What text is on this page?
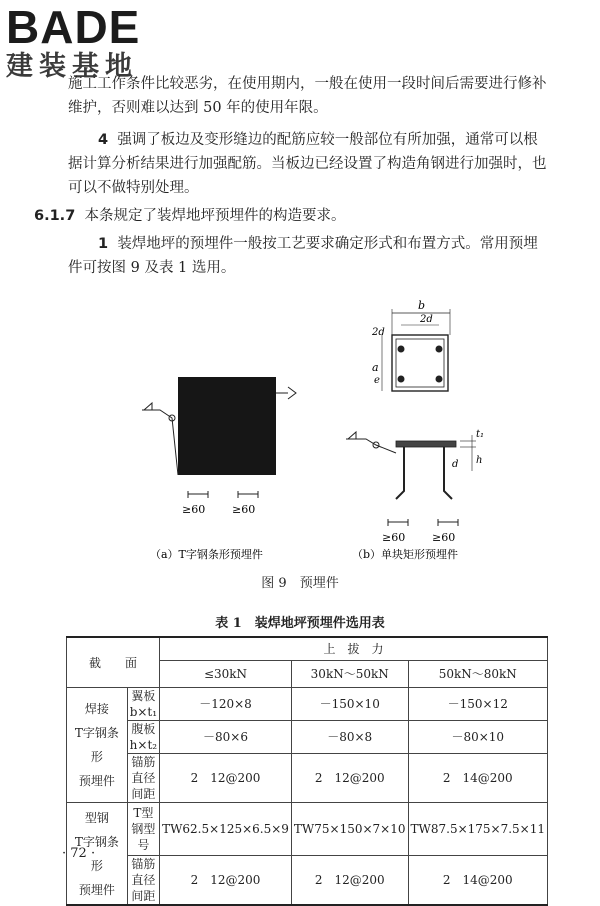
BADE
建装基地

施工工作条件比较恶劣，在使用期内，一般在使用一段时间后需要进行修补维护，否则难以达到 50 年的使用年限。

4 强调了板边及变形缝边的配筋应较一般部位有所加强，通常可以根据计算分析结果进行加强配筋。当板边已经设置了构造角钢进行加强时，也可以不做特别处理。

6.1.7 本条规定了装焊地坪预埋件的构造要求。

1 装焊地坪的预埋件一般按工艺要求确定形式和布置方式。常用预埋件可按图 9 及表 1 选用。

≥60 ≥60
（a）T字钢条形预埋件
b
2d
a
2d
e
t₁
h
d
≥60 ≥60
（b）单块矩形预埋件
图 9　预埋件
表 1　装焊地坪预埋件选用表
截　　面		上　拔　力		
		≤30kN	30kN～50kN	50kN～80kN

焊接
T字钢条形
预埋件	翼板 b×t₁	－120×8	－150×10	－150×12
	腹板 h×t₂	－80×6	－80×8	－80×10
	锚筋直径间距	2　12@200	2　12@200	2　14@200

型钢
T字钢条形
预埋件	T型钢型号	TW62.5×125×6.5×9	TW75×150×7×10	TW87.5×175×7.5×11
	锚筋直径间距	2　12@200	2　12@200	2　14@200
· 72 ·
